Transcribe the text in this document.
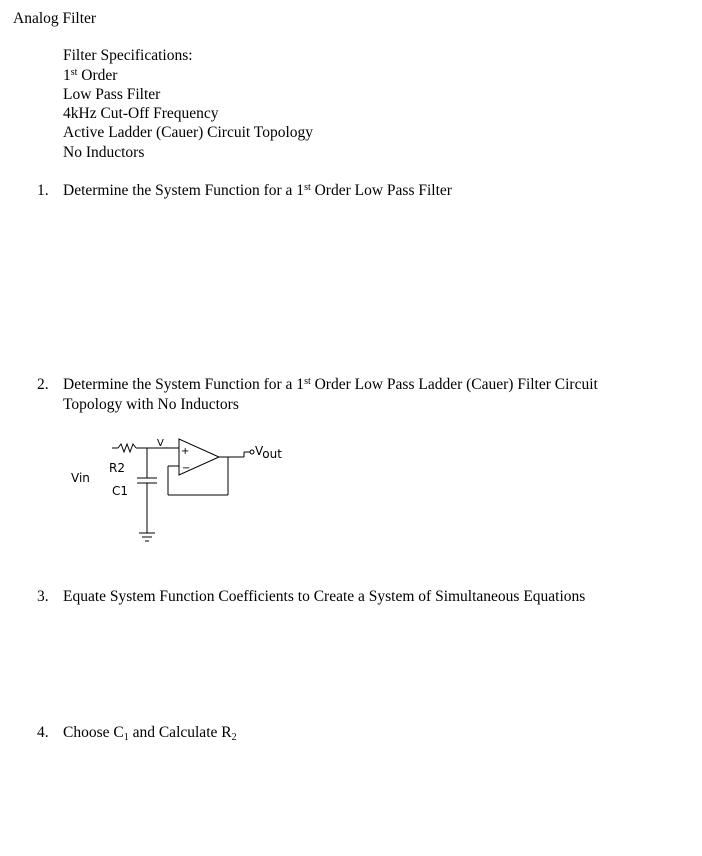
Analog Filter
Filter Specifications:
1st Order
Low Pass Filter
4kHz Cut-Off Frequency
Active Ladder (Cauer) Circuit Topology
No Inductors
1. Determine the System Function for a 1st Order Low Pass Filter
2. Determine the System Function for a 1st Order Low Pass Ladder (Cauer) Filter Circuit
Topology with No Inductors
Vin
R2
C1
V_
+
−
Vout
3. Equate System Function Coefficients to Create a System of Simultaneous Equations
4. Choose $C_1$ and Calculate $R_2$
